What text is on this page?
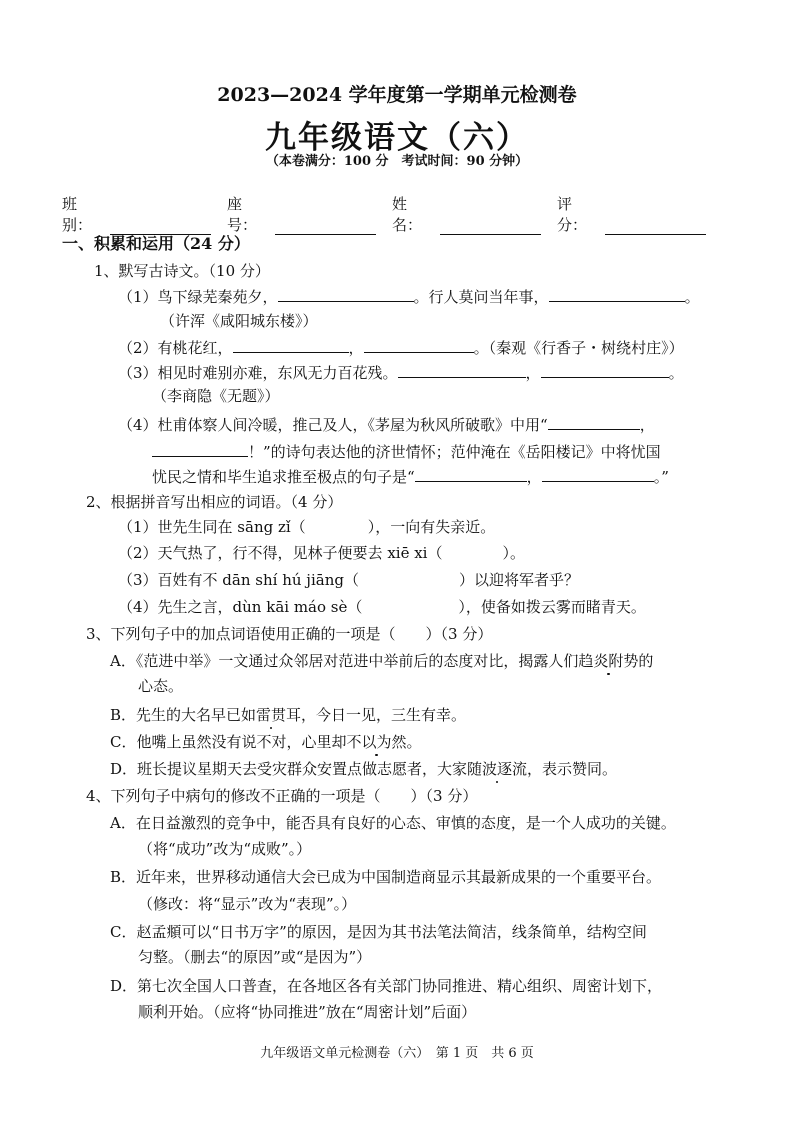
2023—2024 学年度第一学期单元检测卷
九年级语文（六）
（本卷满分：100 分　考试时间：90 分钟）
班别：
座号：
姓名：
评分：
一、积累和运用（24 分）
1、默写古诗文。（10 分）
（1）鸟下绿芜秦苑夕，	。行人莫问当年事，	。
（许浑《咸阳城东楼》）
（2）有桃花红，	，	。（秦观《行香子・树绕村庄》）
（3）相见时难别亦难，东风无力百花残。	，	。
（李商隐《无题》）
（4）杜甫体察人间冷暖，推己及人，《茅屋为秋风所破歌》中用“	，
！”的诗句表达他的济世情怀；范仲淹在《岳阳楼记》中将忧国
忧民之情和毕生追求推至极点的句子是“	，	。”
2、根据拼音写出相应的词语。（4 分）
（1）世先生同在 sāng zǐ（	），一向有失亲近。
（2）天气热了，行不得，见林子便要去 xiē xi（	）。
（3）百姓有不 dān shí hú jiāng（	）以迎将军者乎？
（4）先生之言，dùn kāi máo sè（	），使备如拨云雾而睹青天。
3、下列句子中的加点词语使用正确的一项是（ ）（3 分）
A．《范进中举》一文通过众邻居对范进中举前后的态度对比，揭露人们趋炎附势的
心态。
B．先生的大名早已如雷贯耳，今日一见，三生有幸。
C．他嘴上虽然没有说不对，心里却不以为然。
D．班长提议星期天去受灾群众安置点做志愿者，大家随波逐流，表示赞同。
4、下列句子中病句的修改不正确的一项是（ ）（3 分）
A．在日益激烈的竞争中，能否具有良好的心态、审慎的态度，是一个人成功的关键。
（将“成功”改为“成败”。）
B．近年来，世界移动通信大会已成为中国制造商显示其最新成果的一个重要平台。
（修改：将“显示”改为“表现”。）
C．赵孟頫可以“日书万字”的原因，是因为其书法笔法简洁，线条简单，结构空间
匀整。（删去“的原因”或“是因为”）
D．第七次全国人口普查，在各地区各有关部门协同推进、精心组织、周密计划下，
顺利开始。（应将“协同推进”放在“周密计划”后面）
九年级语文单元检测卷（六）　第 1 页　共 6 页
